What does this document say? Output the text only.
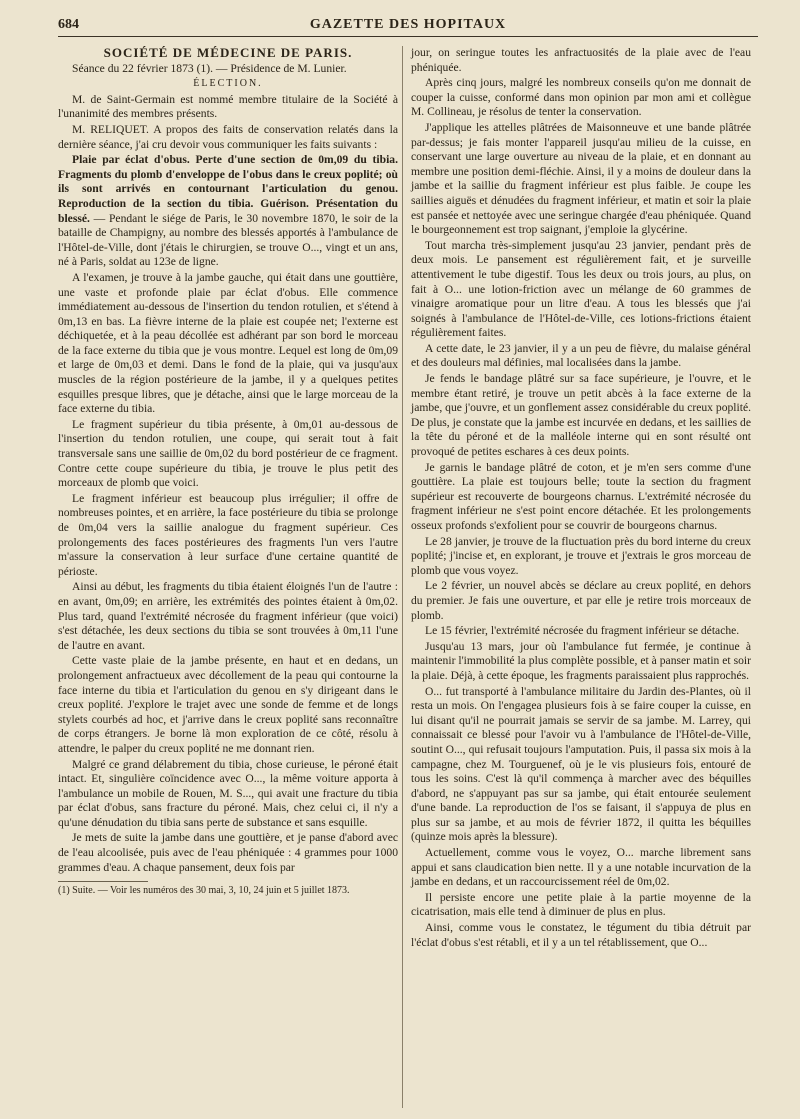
684	GAZETTE DES HOPITAUX

SOCIÉTÉ DE MÉDECINE DE PARIS.

Séance du 22 février 1873 (1). — Présidence de M. Lunier.

ÉLECTION.

M. de Saint-Germain est nommé membre titulaire de la Société à l'unanimité des membres présents.

M. RELIQUET. A propos des faits de conservation relatés dans la dernière séance, j'ai cru devoir vous communiquer les faits suivants :

Plaie par éclat d'obus. Perte d'une section de 0m,09 du tibia. Fragments du plomb d'enveloppe de l'obus dans le creux poplité; où ils sont arrivés en contournant l'articulation du genou. Reproduction de la section du tibia. Guérison. Présentation du blessé. — Pendant le siége de Paris, le 30 novembre 1870, le soir de la bataille de Champigny, au nombre des blessés apportés à l'ambulance de l'Hôtel-de-Ville, dont j'étais le chirurgien, se trouve O..., vingt et un ans, né à Paris, soldat au 123e de ligne.

A l'examen, je trouve à la jambe gauche, qui était dans une gouttière, une vaste et profonde plaie par éclat d'obus. Elle commence immédiatement au-dessous de l'insertion du tendon rotulien, et s'étend à 0m,13 en bas. La fièvre interne de la plaie est coupée net; l'externe est déchiquetée, et à la peau décollée est adhérant par son bord le morceau de la face externe du tibia que je vous montre. Lequel est long de 0m,09 et large de 0m,03 et demi. Dans le fond de la plaie, qui va jusqu'aux muscles de la région postérieure de la jambe, il y a quelques petites esquilles presque libres, que je détache, ainsi que le large morceau de la face externe du tibia.

Le fragment supérieur du tibia présente, à 0m,01 au-dessous de l'insertion du tendon rotulien, une coupe, qui serait tout à fait transversale sans une saillie de 0m,02 du bord postérieur de ce fragment. Contre cette coupe supérieure du tibia, je trouve le plus petit des morceaux de plomb que voici.

Le fragment inférieur est beaucoup plus irrégulier; il offre de nombreuses pointes, et en arrière, la face postérieure du tibia se prolonge de 0m,04 vers la saillie analogue du fragment supérieur. Ces prolongements des faces postérieures des fragments l'un vers l'autre m'assure la conservation à leur surface d'une certaine quantité de périoste.

Ainsi au début, les fragments du tibia étaient éloignés l'un de l'autre : en avant, 0m,09; en arrière, les extrémités des pointes étaient à 0m,02. Plus tard, quand l'extrémité nécrosée du fragment inférieur (que voici) s'est détachée, les deux sections du tibia se sont trouvées à 0m,11 l'une de l'autre en avant.

Cette vaste plaie de la jambe présente, en haut et en dedans, un prolongement anfractueux avec décollement de la peau qui contourne la face interne du tibia et l'articulation du genou en s'y dirigeant dans le creux poplité. J'explore le trajet avec une sonde de femme et de longs stylets courbés ad hoc, et j'arrive dans le creux poplité sans reconnaître de corps étrangers. Je borne là mon exploration de ce côté, résolu à attendre, le palper du creux poplité ne me donnant rien.

Malgré ce grand délabrement du tibia, chose curieuse, le péroné était intact. Et, singulière coïncidence avec O..., la même voiture apporta à l'ambulance un mobile de Rouen, M. S..., qui avait une fracture du tibia par éclat d'obus, sans fracture du péroné. Mais, chez celui ci, il n'y a qu'une dénudation du tibia sans perte de substance et sans esquille.

Je mets de suite la jambe dans une gouttière, et je panse d'abord avec de l'eau alcoolisée, puis avec de l'eau phéniquée : 4 grammes pour 1000 grammes d'eau. A chaque pansement, deux fois par

(1) Suite. — Voir les numéros des 30 mai, 3, 10, 24 juin et 5 juillet 1873.

jour, on seringue toutes les anfractuosités de la plaie avec de l'eau phéniquée.

Après cinq jours, malgré les nombreux conseils qu'on me donnait de couper la cuisse, conformé dans mon opinion par mon ami et collègue M. Collineau, je résolus de tenter la conservation.

J'applique les attelles plâtrées de Maisonneuve et une bande plâtrée par-dessus; je fais monter l'appareil jusqu'au milieu de la cuisse, en conservant une large ouverture au niveau de la plaie, et en donnant au membre une position demi-fléchie. Ainsi, il y a moins de douleur dans la jambe et la saillie du fragment inférieur est plus faible. Je coupe les saillies aiguës et dénudées du fragment inférieur, et matin et soir la plaie est pansée et nettoyée avec une seringue chargée d'eau phéniquée. Quand le bourgeonnement est trop saignant, j'emploie la glycérine.

Tout marcha très-simplement jusqu'au 23 janvier, pendant près de deux mois. Le pansement est régulièrement fait, et je surveille attentivement le tube digestif. Tous les deux ou trois jours, au plus, on fait à O... une lotion-friction avec un mélange de 60 grammes de vinaigre aromatique pour un litre d'eau. A tous les blessés que j'ai soignés à l'ambulance de l'Hôtel-de-Ville, ces lotions-frictions étaient régulièrement faites.

A cette date, le 23 janvier, il y a un peu de fièvre, du malaise général et des douleurs mal définies, mal localisées dans la jambe.

Je fends le bandage plâtré sur sa face supérieure, je l'ouvre, et le membre étant retiré, je trouve un petit abcès à la face externe de la jambe, que j'ouvre, et un gonflement assez considérable du creux poplité. De plus, je constate que la jambe est incurvée en dedans, et les saillies de la tête du péroné et de la malléole interne qui en sont résulté ont provoqué de petites eschares à ces deux points.

Je garnis le bandage plâtré de coton, et je m'en sers comme d'une gouttière. La plaie est toujours belle; toute la section du fragment supérieur est recouverte de bourgeons charnus. L'extrémité nécrosée du fragment inférieur ne s'est point encore détachée. Et les prolongements osseux profonds s'exfolient pour se couvrir de bourgeons charnus.

Le 28 janvier, je trouve de la fluctuation près du bord interne du creux poplité; j'incise et, en explorant, je trouve et j'extrais le gros morceau de plomb que vous voyez.

Le 2 février, un nouvel abcès se déclare au creux poplité, en dehors du premier. Je fais une ouverture, et par elle je retire trois morceaux de plomb.

Le 15 février, l'extrémité nécrosée du fragment inférieur se détache.

Jusqu'au 13 mars, jour où l'ambulance fut fermée, je continue à maintenir l'immobilité la plus complète possible, et à panser matin et soir la plaie. Déjà, à cette époque, les fragments paraissaient plus rapprochés.

O... fut transporté à l'ambulance militaire du Jardin des-Plantes, où il resta un mois. On l'engagea plusieurs fois à se faire couper la cuisse, en lui disant qu'il ne pourrait jamais se servir de sa jambe. M. Larrey, qui connaissait ce blessé pour l'avoir vu à l'ambulance de l'Hôtel-de-Ville, soutint O..., qui refusait toujours l'amputation. Puis, il passa six mois à la campagne, chez M. Tourguenef, où je le vis plusieurs fois, entouré de tous les soins. C'est là qu'il commença à marcher avec des béquilles d'abord, ne s'appuyant pas sur sa jambe, qui était entourée seulement d'une bande. La reproduction de l'os se faisant, il s'appuya de plus en plus sur sa jambe, et au mois de février 1872, il quitta les béquilles (quinze mois après la blessure).

Actuellement, comme vous le voyez, O... marche librement sans appui et sans claudication bien nette. Il y a une notable incurvation de la jambe en dedans, et un raccourcissement réel de 0m,02.

Il persiste encore une petite plaie à la partie moyenne de la cicatrisation, mais elle tend à diminuer de plus en plus.

Ainsi, comme vous le constatez, le tégument du tibia détruit par l'éclat d'obus s'est rétabli, et il y a un tel rétablissement, que O...
